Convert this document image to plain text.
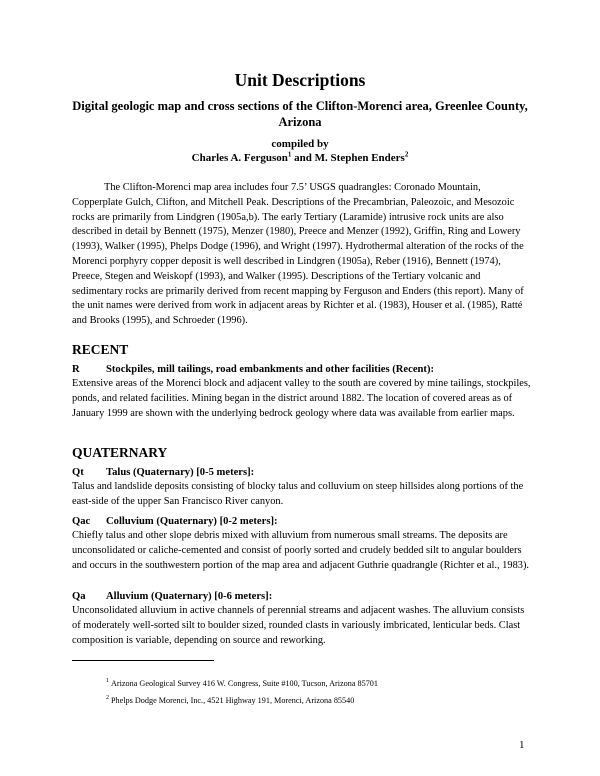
Unit Descriptions
Digital geologic map and cross sections of the Clifton-Morenci area, Greenlee County, Arizona
compiled by
Charles A. Ferguson$^1$ and M. Stephen Enders$^2$

The Clifton-Morenci map area includes four 7.5’ USGS quadrangles: Coronado Mountain, Copperplate Gulch, Clifton, and Mitchell Peak. Descriptions of the Precambrian, Paleozoic, and Mesozoic rocks are primarily from Lindgren (1905a,b). The early Tertiary (Laramide) intrusive rock units are also described in detail by Bennett (1975), Menzer (1980), Preece and Menzer (1992), Griffin, Ring and Lowery (1993), Walker (1995), Phelps Dodge (1996), and Wright (1997). Hydrothermal alteration of the rocks of the Morenci porphyry copper deposit is well described in Lindgren (1905a), Reber (1916), Bennett (1974), Preece, Stegen and Weiskopf (1993), and Walker (1995). Descriptions of the Tertiary volcanic and sedimentary rocks are primarily derived from recent mapping by Ferguson and Enders (this report). Many of the unit names were derived from work in adjacent areas by Richter et al. (1983), Houser et al. (1985), Ratté and Brooks (1995), and Schroeder (1996).

RECENT
R Stockpiles, mill tailings, road embankments and other facilities (Recent):

Extensive areas of the Morenci block and adjacent valley to the south are covered by mine tailings, stockpiles, ponds, and related facilities. Mining began in the district around 1882. The location of covered areas as of January 1999 are shown with the underlying bedrock geology where data was available from earlier maps.

QUATERNARY
Qt Talus (Quaternary) [0-5 meters]:

Talus and landslide deposits consisting of blocky talus and colluvium on steep hillsides along portions of the east-side of the upper San Francisco River canyon.

Qac Colluvium (Quaternary) [0-2 meters]:

Chiefly talus and other slope debris mixed with alluvium from numerous small streams. The deposits are unconsolidated or caliche-cemented and consist of poorly sorted and crudely bedded silt to angular boulders and occurs in the southwestern portion of the map area and adjacent Guthrie quadrangle (Richter et al., 1983).

Qa Alluvium (Quaternary) [0-6 meters]:

Unconsolidated alluvium in active channels of perennial streams and adjacent washes. The alluvium consists of moderately well-sorted silt to boulder sized, rounded clasts in variously imbricated, lenticular beds. Clast composition is variable, depending on source and reworking.

$^1$ Arizona Geological Survey 416 W. Congress, Suite #100, Tucson, Arizona 85701
$^2$ Phelps Dodge Morenci, Inc., 4521 Highway 191, Morenci, Arizona 85540
1
